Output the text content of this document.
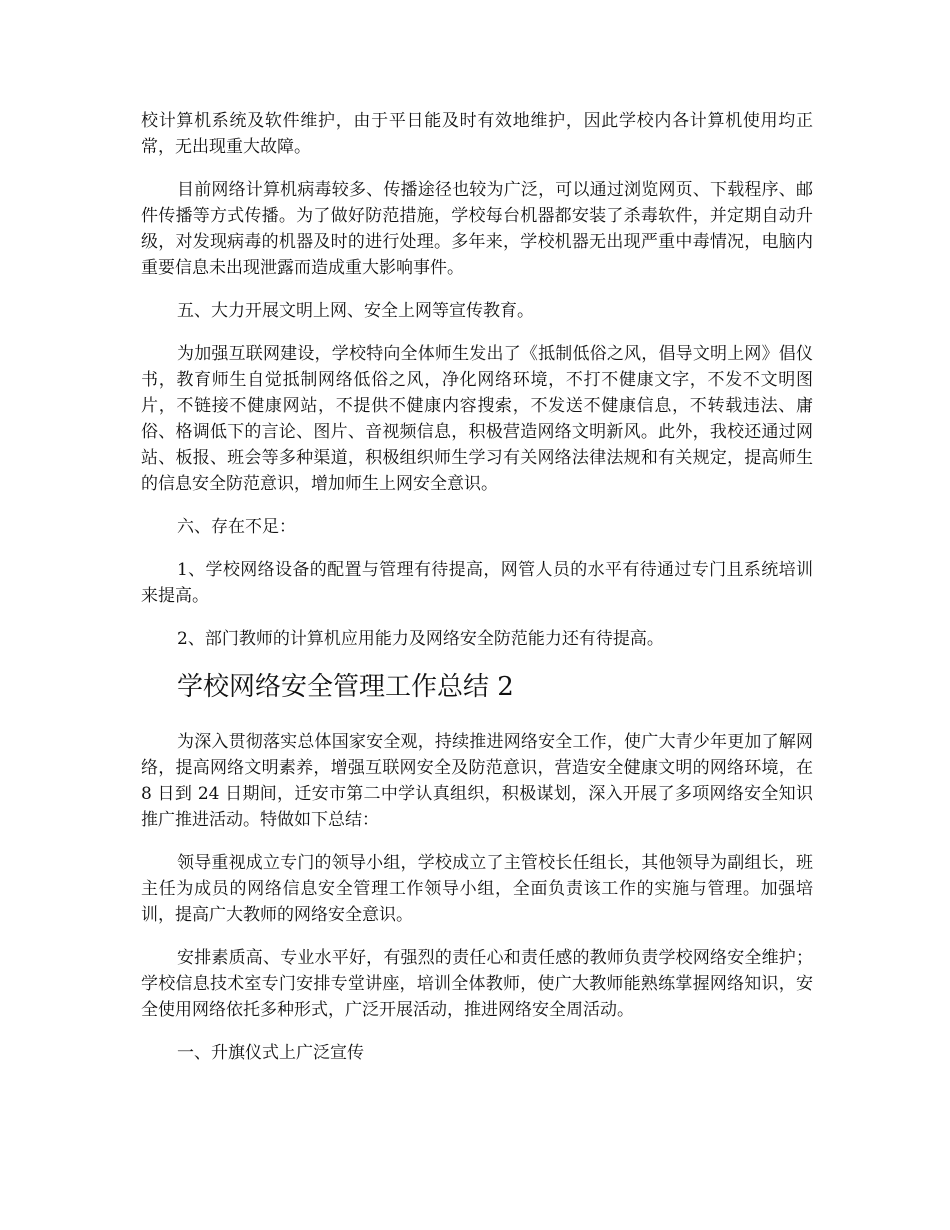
校计算机系统及软件维护，由于平日能及时有效地维护，因此学校内各计算机使用均正常，无出现重大故障。

目前网络计算机病毒较多、传播途径也较为广泛，可以通过浏览网页、下载程序、邮件传播等方式传播。为了做好防范措施，学校每台机器都安装了杀毒软件，并定期自动升级，对发现病毒的机器及时的进行处理。多年来，学校机器无出现严重中毒情况，电脑内重要信息未出现泄露而造成重大影响事件。

五、大力开展文明上网、安全上网等宣传教育。

为加强互联网建设，学校特向全体师生发出了《抵制低俗之风，倡导文明上网》倡仪书，教育师生自觉抵制网络低俗之风，净化网络环境，不打不健康文字，不发不文明图片，不链接不健康网站，不提供不健康内容搜索，不发送不健康信息，不转载违法、庸俗、格调低下的言论、图片、音视频信息，积极营造网络文明新风。此外，我校还通过网站、板报、班会等多种渠道，积极组织师生学习有关网络法律法规和有关规定，提高师生的信息安全防范意识，增加师生上网安全意识。

六、存在不足：

1、学校网络设备的配置与管理有待提高，网管人员的水平有待通过专门且系统培训来提高。

2、部门教师的计算机应用能力及网络安全防范能力还有待提高。

学校网络安全管理工作总结 2

为深入贯彻落实总体国家安全观，持续推进网络安全工作，使广大青少年更加了解网络，提高网络文明素养，增强互联网安全及防范意识，营造安全健康文明的网络环境，在 8 日到 24 日期间，迁安市第二中学认真组织，积极谋划，深入开展了多项网络安全知识推广推进活动。特做如下总结：

领导重视成立专门的领导小组，学校成立了主管校长任组长，其他领导为副组长，班主任为成员的网络信息安全管理工作领导小组，全面负责该工作的实施与管理。加强培训，提高广大教师的网络安全意识。

安排素质高、专业水平好，有强烈的责任心和责任感的教师负责学校网络安全维护；学校信息技术室专门安排专堂讲座，培训全体教师，使广大教师能熟练掌握网络知识，安全使用网络依托多种形式，广泛开展活动，推进网络安全周活动。

一、升旗仪式上广泛宣传
